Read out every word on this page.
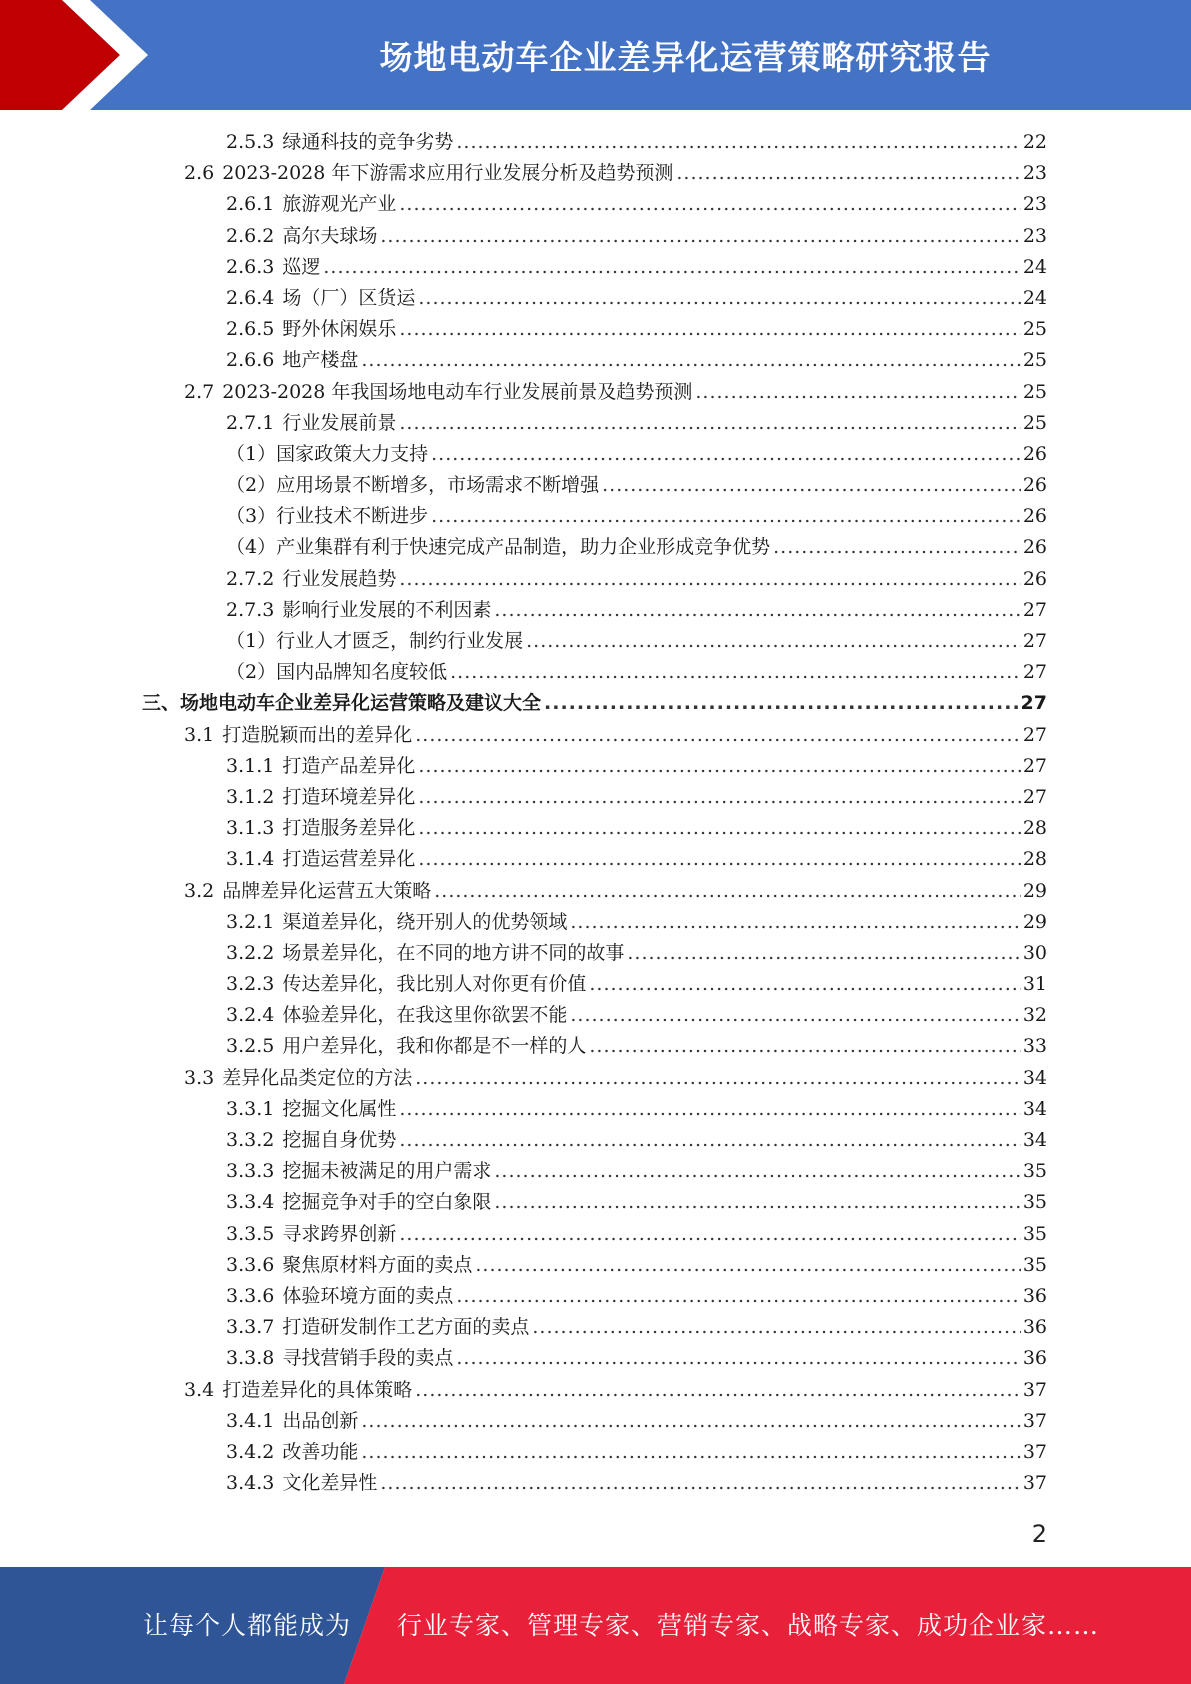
场地电动车企业差异化运营策略研究报告
2.5.3 绿通科技的竞争劣势 .....	22
2.6 2023-2028 年下游需求应用行业发展分析及趋势预测 .....	23
2.6.1 旅游观光产业 .....	23
2.6.2 高尔夫球场 .....	23
2.6.3 巡逻 .....	24
2.6.4 场（厂）区货运 .....	24
2.6.5 野外休闲娱乐 .....	25
2.6.6 地产楼盘 .....	25
2.7 2023-2028 年我国场地电动车行业发展前景及趋势预测 .....	25
2.7.1 行业发展前景 .....	25
（1）国家政策大力支持 .....	26
（2）应用场景不断增多，市场需求不断增强 .....	26
（3）行业技术不断进步 .....	26
（4）产业集群有利于快速完成产品制造，助力企业形成竞争优势 .....	26
2.7.2 行业发展趋势 .....	26
2.7.3 影响行业发展的不利因素 .....	27
（1）行业人才匮乏，制约行业发展 .....	27
（2）国内品牌知名度较低 .....	27
三、场地电动车企业差异化运营策略及建议大全 .....	27
3.1 打造脱颖而出的差异化 .....	27
3.1.1 打造产品差异化 .....	27
3.1.2 打造环境差异化 .....	27
3.1.3 打造服务差异化 .....	28
3.1.4 打造运营差异化 .....	28
3.2 品牌差异化运营五大策略 .....	29
3.2.1 渠道差异化，绕开别人的优势领域 .....	29
3.2.2 场景差异化，在不同的地方讲不同的故事 .....	30
3.2.3 传达差异化，我比别人对你更有价值 .....	31
3.2.4 体验差异化，在我这里你欲罢不能 .....	32
3.2.5 用户差异化，我和你都是不一样的人 .....	33
3.3 差异化品类定位的方法 .....	34
3.3.1 挖掘文化属性 .....	34
3.3.2 挖掘自身优势 .....	34
3.3.3 挖掘未被满足的用户需求 .....	35
3.3.4 挖掘竞争对手的空白象限 .....	35
3.3.5 寻求跨界创新 .....	35
3.3.6 聚焦原材料方面的卖点 .....	35
3.3.6 体验环境方面的卖点 .....	36
3.3.7 打造研发制作工艺方面的卖点 .....	36
3.3.8 寻找营销手段的卖点 .....	36
3.4 打造差异化的具体策略 .....	37
3.4.1 出品创新 .....	37
3.4.2 改善功能 .....	37
3.4.3 文化差异性 .....	37
2
让每个人都能成为 行业专家、管理专家、营销专家、战略专家、成功企业家……
